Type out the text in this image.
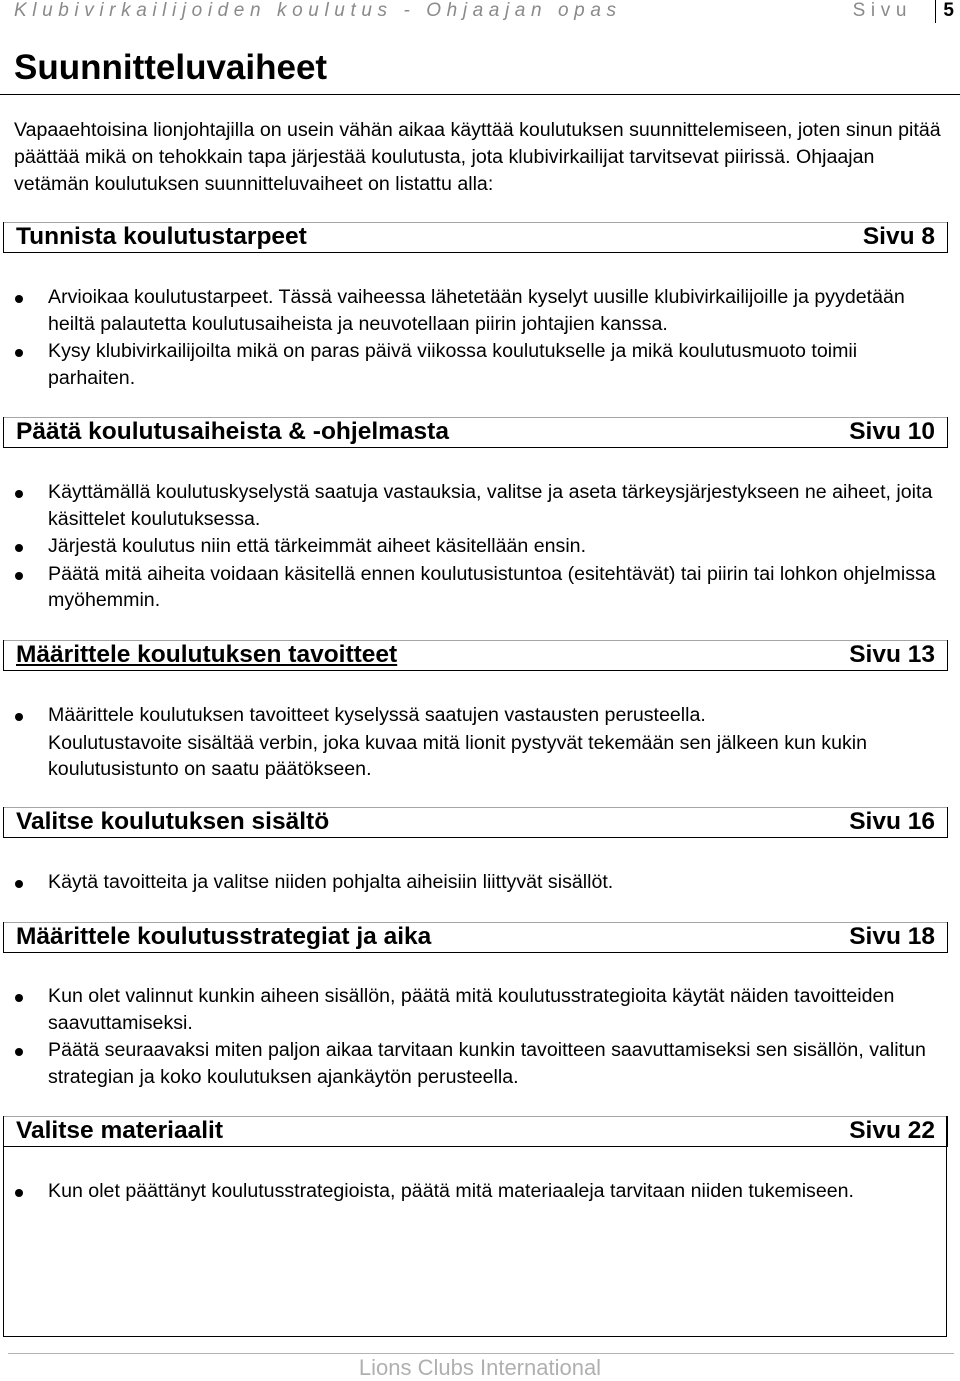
Klubivirkailijoiden koulutus - Ohjaajan opas	Sivu	5
Suunnitteluvaiheet

Vapaaehtoisina lionjohtajilla on usein vähän aikaa käyttää koulutuksen suunnittelemiseen, joten sinun pitää päättää mikä on tehokkain tapa järjestää koulutusta, jota klubivirkailijat tarvitsevat piirissä. Ohjaajan vetämän koulutuksen suunnitteluvaiheet on listattu alla:

Tunnista koulutustarpeet	Sivu 8
Arvioikaa koulutustarpeet. Tässä vaiheessa lähetetään kyselyt uusille klubivirkailijoille ja pyydetään heiltä palautetta koulutusaiheista ja neuvotellaan piirin johtajien kanssa.
Kysy klubivirkailijoilta mikä on paras päivä viikossa koulutukselle ja mikä koulutusmuoto toimii parhaiten.
Päätä koulutusaiheista & -ohjelmasta	Sivu 10
Käyttämällä koulutuskyselystä saatuja vastauksia, valitse ja aseta tärkeysjärjestykseen ne aiheet, joita käsittelet koulutuksessa.
Järjestä koulutus niin että tärkeimmät aiheet käsitellään ensin.
Päätä mitä aiheita voidaan käsitellä ennen koulutusistuntoa (esitehtävät) tai piirin tai lohkon ohjelmissa myöhemmin.
Määrittele koulutuksen tavoitteet	Sivu 13
Määrittele koulutuksen tavoitteet kyselyssä saatujen vastausten perusteella.
Koulutustavoite sisältää verbin, joka kuvaa mitä lionit pystyvät tekemään sen jälkeen kun kukin koulutusistunto on saatu päätökseen.
Valitse koulutuksen sisältö	Sivu 16
Käytä tavoitteita ja valitse niiden pohjalta aiheisiin liittyvät sisällöt.
Määrittele koulutusstrategiat ja aika	Sivu 18
Kun olet valinnut kunkin aiheen sisällön, päätä mitä koulutusstrategioita käytät näiden tavoitteiden saavuttamiseksi.
Päätä seuraavaksi miten paljon aikaa tarvitaan kunkin tavoitteen saavuttamiseksi sen sisällön, valitun strategian ja koko koulutuksen ajankäytön perusteella.
Valitse materiaalit	Sivu 22
Kun olet päättänyt koulutusstrategioista, päätä mitä materiaaleja tarvitaan niiden tukemiseen.
Lions Clubs International
